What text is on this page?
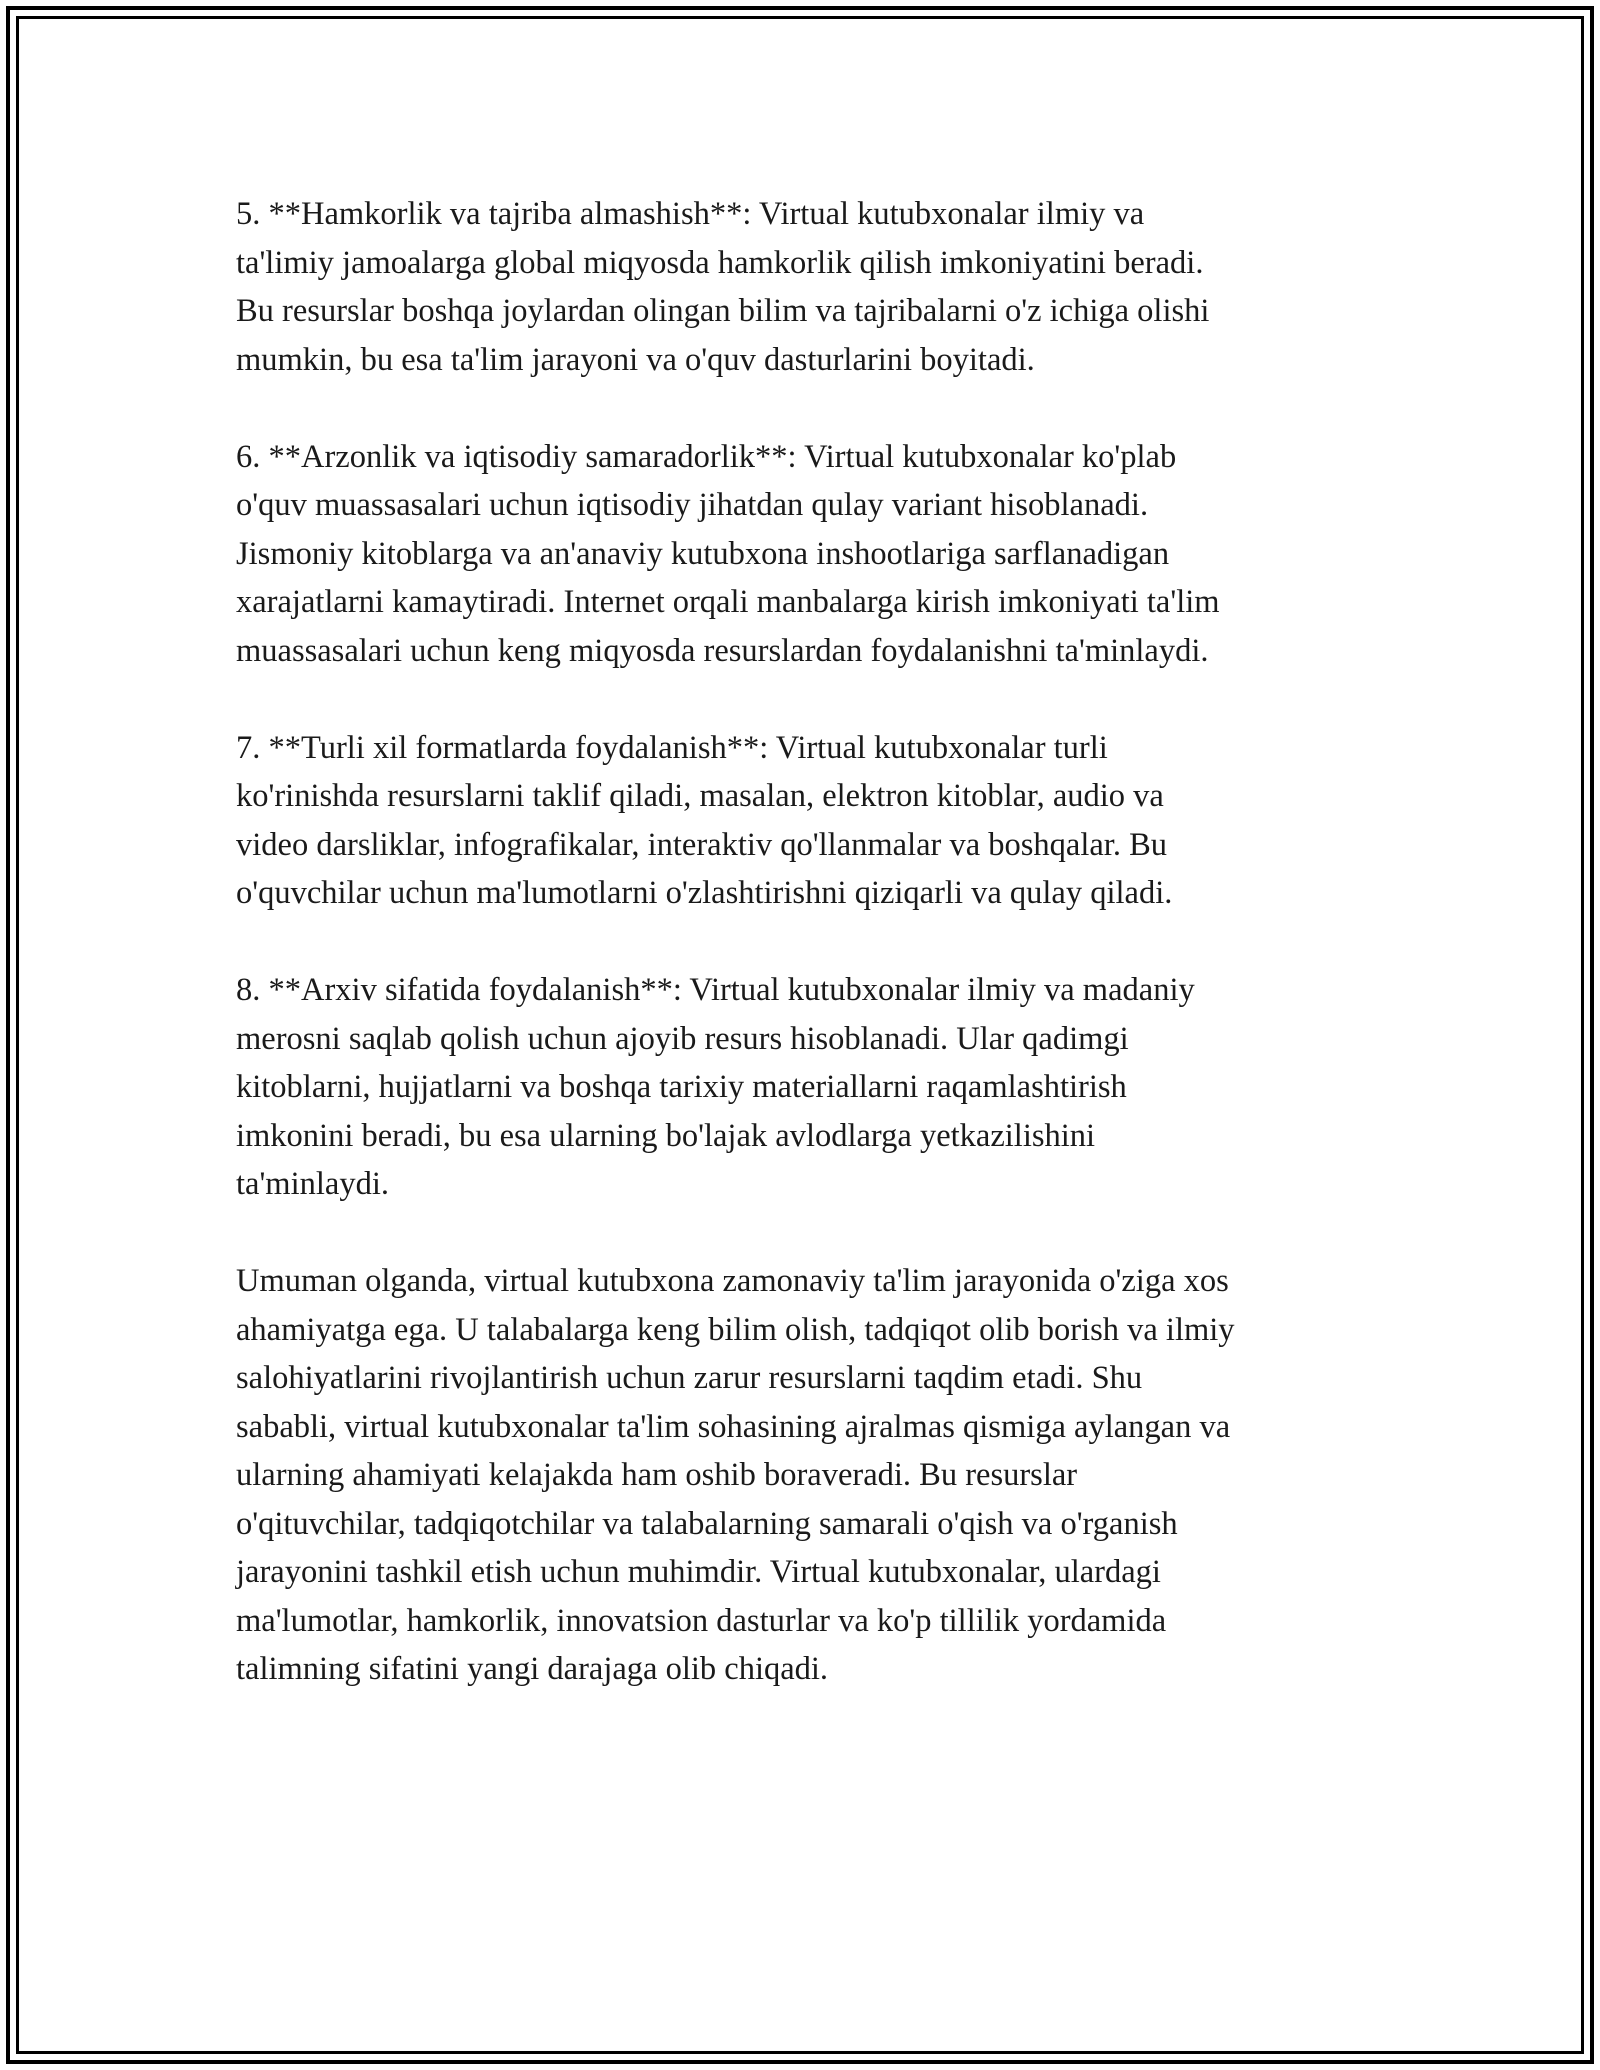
5. **Hamkorlik va tajriba almashish**: Virtual kutubxonalar ilmiy va
ta'limiy jamoalarga global miqyosda hamkorlik qilish imkoniyatini beradi.
Bu resurslar boshqa joylardan olingan bilim va tajribalarni o'z ichiga olishi
mumkin, bu esa ta'lim jarayoni va o'quv dasturlarini boyitadi.

6. **Arzonlik va iqtisodiy samaradorlik**: Virtual kutubxonalar ko'plab
o'quv muassasalari uchun iqtisodiy jihatdan qulay variant hisoblanadi.
Jismoniy kitoblarga va an'anaviy kutubxona inshootlariga sarflanadigan
xarajatlarni kamaytiradi. Internet orqali manbalarga kirish imkoniyati ta'lim
muassasalari uchun keng miqyosda resurslardan foydalanishni ta'minlaydi.

7. **Turli xil formatlarda foydalanish**: Virtual kutubxonalar turli
ko'rinishda resurslarni taklif qiladi, masalan, elektron kitoblar, audio va
video darsliklar, infografikalar, interaktiv qo'llanmalar va boshqalar. Bu
o'quvchilar uchun ma'lumotlarni o'zlashtirishni qiziqarli va qulay qiladi.

8. **Arxiv sifatida foydalanish**: Virtual kutubxonalar ilmiy va madaniy
merosni saqlab qolish uchun ajoyib resurs hisoblanadi. Ular qadimgi
kitoblarni, hujjatlarni va boshqa tarixiy materiallarni raqamlashtirish
imkonini beradi, bu esa ularning bo'lajak avlodlarga yetkazilishini
ta'minlaydi.

Umuman olganda, virtual kutubxona zamonaviy ta'lim jarayonida o'ziga xos
ahamiyatga ega. U talabalarga keng bilim olish, tadqiqot olib borish va ilmiy
salohiyatlarini rivojlantirish uchun zarur resurslarni taqdim etadi. Shu
sababli, virtual kutubxonalar ta'lim sohasining ajralmas qismiga aylangan va
ularning ahamiyati kelajakda ham oshib boraveradi. Bu resurslar
o'qituvchilar, tadqiqotchilar va talabalarning samarali o'qish va o'rganish
jarayonini tashkil etish uchun muhimdir. Virtual kutubxonalar, ulardagi
ma'lumotlar, hamkorlik, innovatsion dasturlar va ko'p tillilik yordamida
talimning sifatini yangi darajaga olib chiqadi.
